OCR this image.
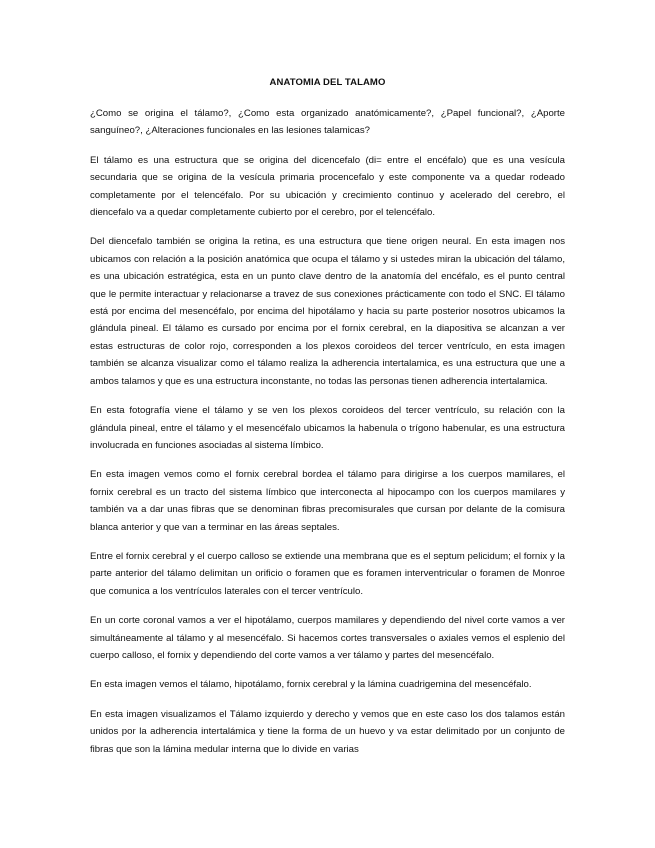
ANATOMIA DEL TALAMO

¿Como se origina el tálamo?, ¿Como esta organizado anatómicamente?, ¿Papel funcional?, ¿Aporte sanguíneo?, ¿Alteraciones funcionales en las lesiones talamicas?

El tálamo es una estructura que se origina del dicencefalo (di= entre el encéfalo) que es una vesícula secundaria que se origina de la vesícula primaria procencefalo y este componente va a quedar rodeado completamente por el telencéfalo. Por su ubicación y crecimiento continuo y acelerado del cerebro, el diencefalo va a quedar completamente cubierto por el cerebro, por el telencéfalo.

Del diencefalo también se origina la retina, es una estructura que tiene origen neural. En esta imagen nos ubicamos con relación a la posición anatómica que ocupa el tálamo y si ustedes miran la ubicación del tálamo, es una ubicación estratégica, esta en un punto clave dentro de la anatomía del encéfalo, es el punto central que le permite interactuar y relacionarse a travez de sus conexiones prácticamente con todo el SNC. El tálamo está por encima del mesencéfalo, por encima del hipotálamo y hacia su parte posterior nosotros ubicamos la glándula pineal. El tálamo es cursado por encima por el fornix cerebral, en la diapositiva se alcanzan a ver estas estructuras de color rojo, corresponden a los plexos coroideos del tercer ventrículo, en esta imagen también se alcanza visualizar como el tálamo realiza la adherencia intertalamica, es una estructura que une a ambos talamos y que es una estructura inconstante, no todas las personas tienen adherencia intertalamica.

En esta fotografía viene el tálamo y se ven los plexos coroideos del tercer ventrículo, su relación con la glándula pineal, entre el tálamo y el mesencéfalo ubicamos la habenula o trígono habenular, es una estructura involucrada en funciones asociadas al sistema límbico.

En esta imagen vemos como el fornix cerebral bordea el tálamo para dirigirse a los cuerpos mamilares, el fornix cerebral es un tracto del sistema límbico que interconecta al hipocampo con los cuerpos mamilares y también va a dar unas fibras que se denominan fibras precomisurales que cursan por delante de la comisura blanca anterior y que van a terminar en las áreas septales.

Entre el fornix cerebral y el cuerpo calloso se extiende una membrana que es el septum pelicidum; el fornix y la parte anterior del tálamo delimitan un orificio o foramen que es foramen interventricular o foramen de Monroe que comunica a los ventrículos laterales con el tercer ventrículo.

En un corte coronal vamos a ver el hipotálamo, cuerpos mamilares y dependiendo del nivel corte vamos a ver simultáneamente al tálamo y al mesencéfalo. Si hacemos cortes transversales o axiales vemos el esplenio del cuerpo calloso, el fornix y dependiendo del corte vamos a ver tálamo y partes del mesencéfalo.

En esta imagen vemos el tálamo, hipotálamo, fornix cerebral y la lámina cuadrigemina del mesencéfalo.

En esta imagen visualizamos el Tálamo izquierdo y derecho y vemos que en este caso los dos talamos están unidos por la adherencia intertalámica y tiene la forma de un huevo y va estar delimitado por un conjunto de fibras que son la lámina medular interna que lo divide en varias
